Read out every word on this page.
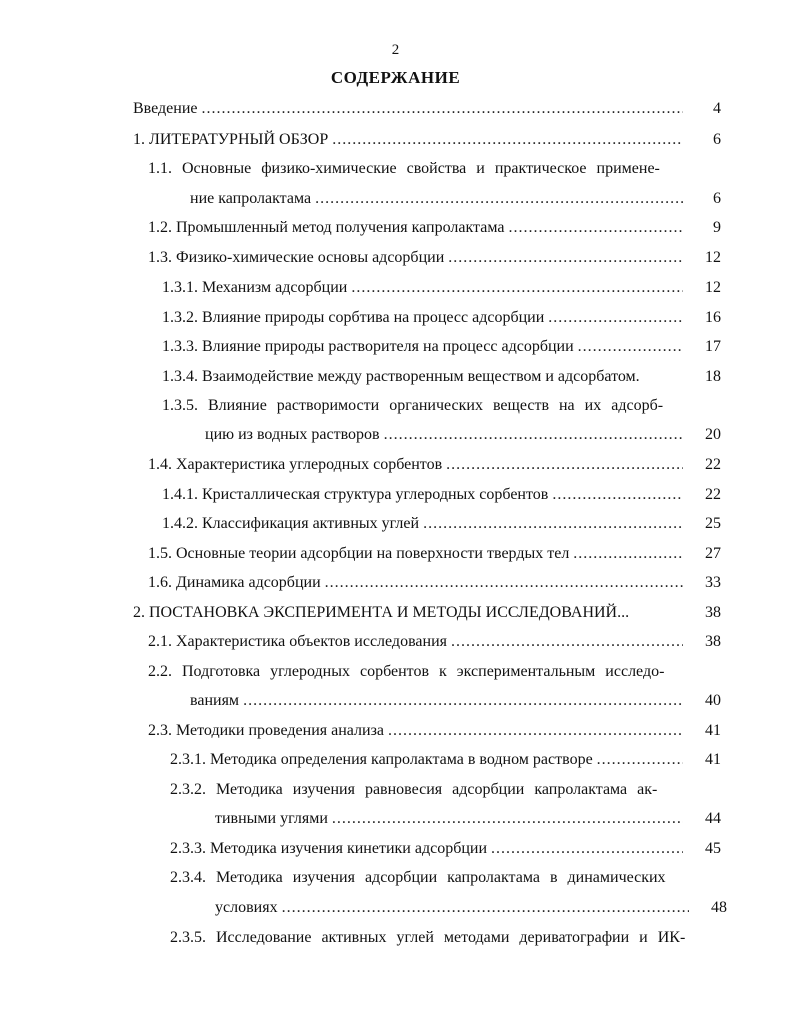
2
СОДЕРЖАНИЕ
Введение .....	4
1. ЛИТЕРАТУРНЫЙ ОБЗОР .....	6
1.1. Основные физико-химические свойства и практическое примене-
ние капролактама .....	6
1.2. Промышленный метод получения капролактама .....	9
1.3. Физико-химические основы адсорбции .....	12
1.3.1. Механизм адсорбции .....	12
1.3.2. Влияние природы сорбтива на процесс адсорбции .....	16
1.3.3. Влияние природы растворителя на процесс адсорбции .....	17
1.3.4. Взаимодействие между растворенным веществом и адсорбатом.	18
1.3.5. Влияние растворимости органических веществ на их адсорб-
цию из водных растворов .....	20
1.4. Характеристика углеродных сорбентов .....	22
1.4.1. Кристаллическая структура углеродных сорбентов .....	22
1.4.2. Классификация активных углей .....	25
1.5. Основные теории адсорбции на поверхности твердых тел .....	27
1.6. Динамика адсорбции .....	33
2. ПОСТАНОВКА ЭКСПЕРИМЕНТА И МЕТОДЫ ИССЛЕДОВАНИЙ...	38
2.1. Характеристика объектов исследования .....	38
2.2. Подготовка углеродных сорбентов к экспериментальным исследо-
ваниям .....	40
2.3. Методики проведения анализа .....	41
2.3.1. Методика определения капролактама в водном растворе .....	41
2.3.2. Методика изучения равновесия адсорбции капролактама ак-
тивными углями .....	44
2.3.3. Методика изучения кинетики адсорбции .....	45
2.3.4. Методика изучения адсорбции капролактама в динамических
условиях .....	48
2.3.5. Исследование активных углей методами дериватографии и ИК-
